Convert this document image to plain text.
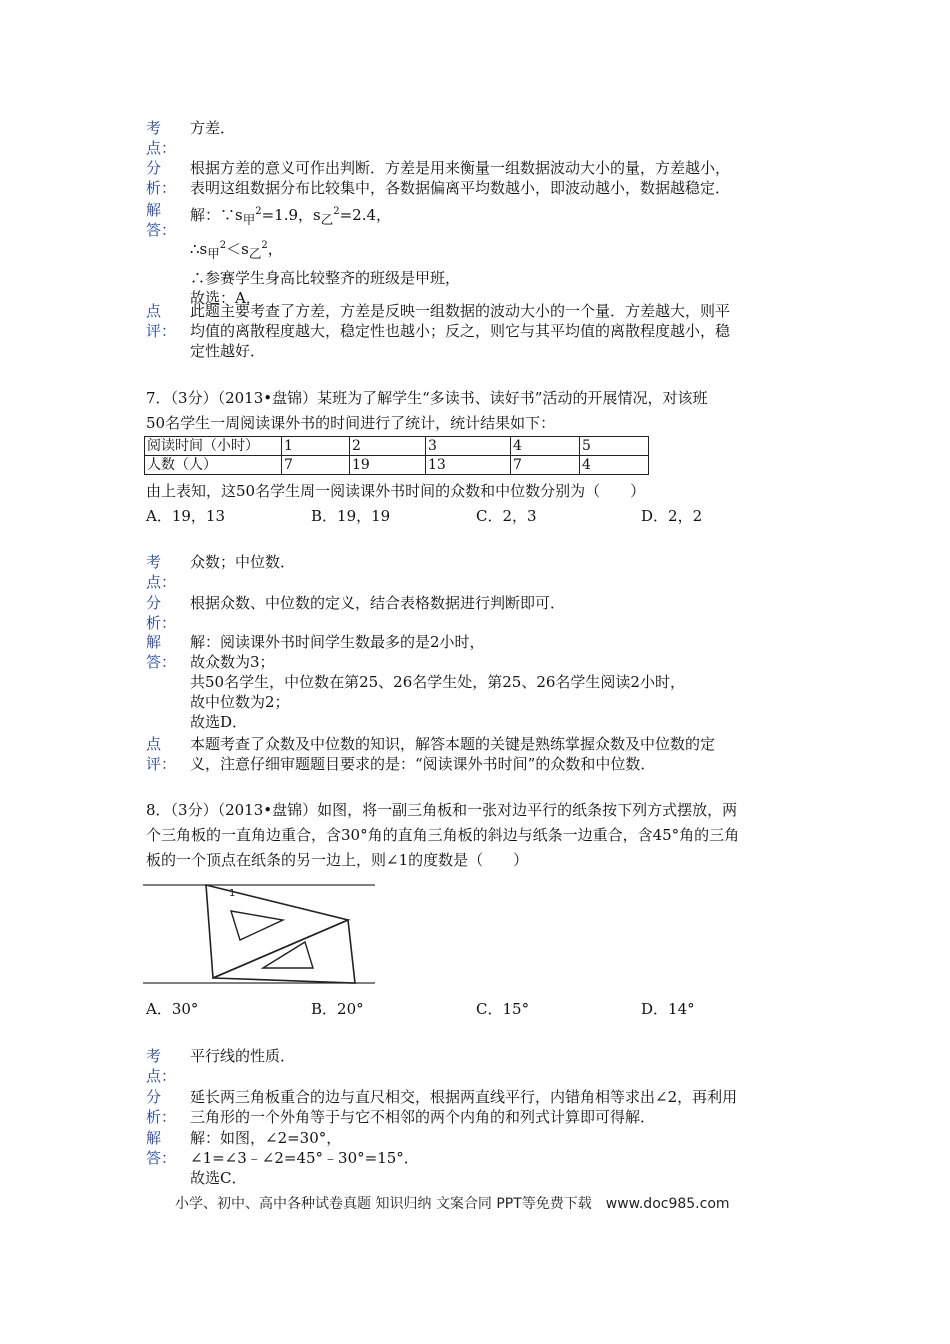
考
点：

方差．

分
析：

根据方差的意义可作出判断．方差是用来衡量一组数据波动大小的量，方差越小，

表明这组数据分布比较集中，各数据偏离平均数越小，即波动越小，数据越稳定．

解
答：

解：$\because s_甲^2=1.9$，$s_乙^2=2.4$，

$\therefore s_甲^2<s_乙^2$，

∴参赛学生身高比较整齐的班级是甲班，

故选：A．

点
评：

此题主要考查了方差，方差是反映一组数据的波动大小的一个量．方差越大，则平

均值的离散程度越大，稳定性也越小；反之，则它与其平均值的离散程度越小，稳

定性越好．

7．（3分）（2013•盘锦）某班为了解学生“多读书、读好书”活动的开展情况，对该班

50名学生一周阅读课外书的时间进行了统计，统计结果如下：

阅读时间（小时）	1	2	3	4	5
人数（人）	7	19	13	7	4

由上表知，这50名学生周一阅读课外书时间的众数和中位数分别为（　　）

A．19，13	B．19，19	C．2，3	D．2，2
考
点：

众数；中位数．

分
析：

根据众数、中位数的定义，结合表格数据进行判断即可．

解
答：

解：阅读课外书时间学生数最多的是2小时，

故众数为3；

共50名学生，中位数在第25、26名学生处，第25、26名学生阅读2小时，

故中位数为2；

故选D．

点
评：

本题考查了众数及中位数的知识，解答本题的关键是熟练掌握众数及中位数的定

义，注意仔细审题题目要求的是：“阅读课外书时间”的众数和中位数．

8．（3分）（2013•盘锦）如图，将一副三角板和一张对边平行的纸条按下列方式摆放，两

个三角板的一直角边重合，含30°角的直角三角板的斜边与纸条一边重合，含45°角的三角

板的一个顶点在纸条的另一边上，则∠1的度数是（　　）

1
A．30°	B．20°	C．15°	D．14°
考
点：

平行线的性质．

分
析：

延长两三角板重合的边与直尺相交，根据两直线平行，内错角相等求出∠2，再利用

三角形的一个外角等于与它不相邻的两个内角的和列式计算即可得解．

解
答：

解：如图，∠2=30°，

∠1=∠3﹣∠2=45°﹣30°=15°．

故选C．

小学、初中、高中各种试卷真题 知识归纳 文案合同 PPT等免费下载　www.doc985.com
